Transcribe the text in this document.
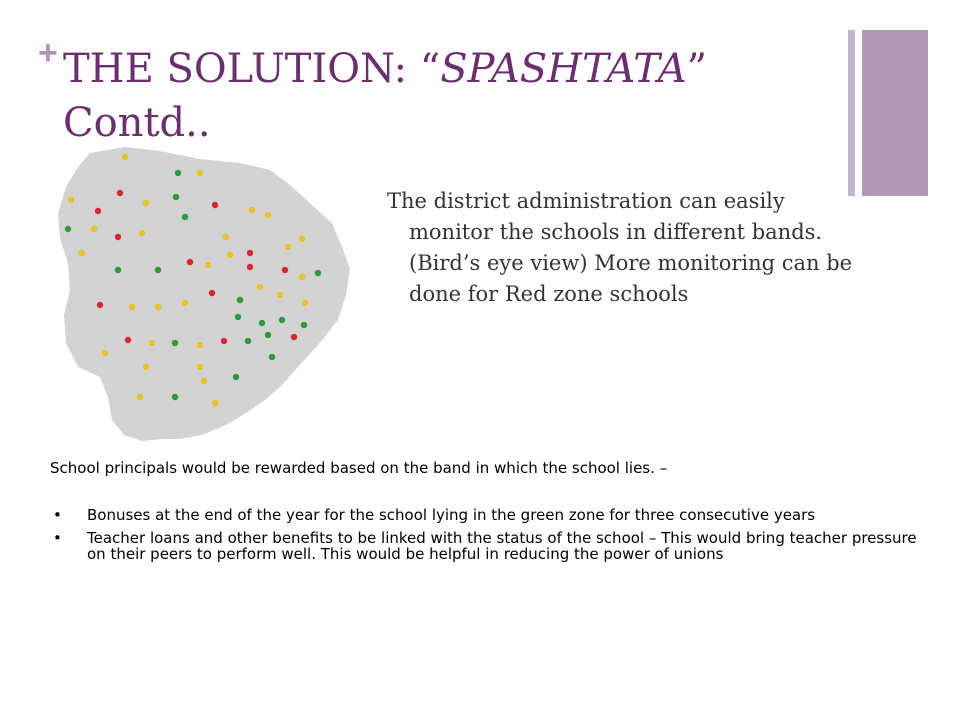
+ THE SOLUTION: “SPASHTATA” Contd..
The district administration can easily monitor the schools in different bands. (Bird’s eye view) More monitoring can be done for Red zone schools
School principals would be rewarded based on the band in which the school lies. –
• Bonuses at the end of the year for the school lying in the green zone for three consecutive years
• Teacher loans and other benefits to be linked with the status of the school – This would bring teacher pressure on their peers to perform well. This would be helpful in reducing the power of unions
